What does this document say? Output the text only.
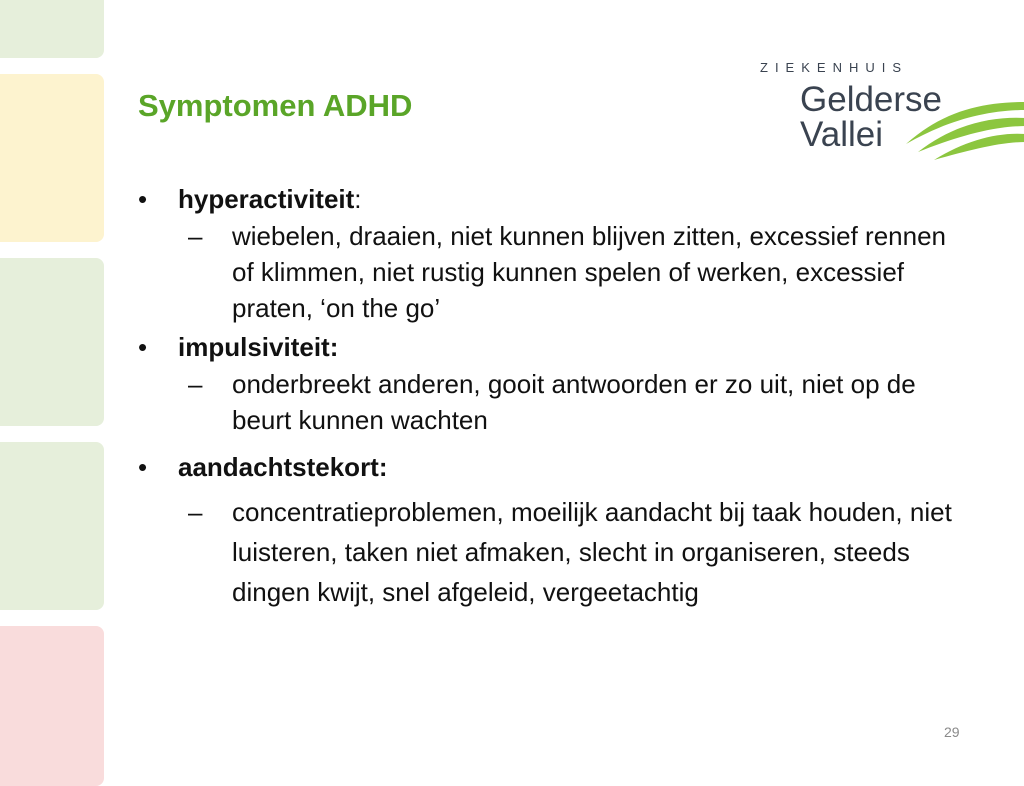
Symptomen ADHD
ZIEKENHUIS
Gelderse
Vallei
• hyperactiviteit:
– wiebelen, draaien, niet kunnen blijven zitten, excessief rennen of klimmen, niet rustig kunnen spelen of werken, excessief praten, ‘on the go’
• impulsiviteit:
– onderbreekt anderen, gooit antwoorden er zo uit, niet op de beurt kunnen wachten
• aandachtstekort:
– concentratieproblemen, moeilijk aandacht bij taak houden, niet luisteren, taken niet afmaken, slecht in organiseren, steeds dingen kwijt, snel afgeleid, vergeetachtig
29
